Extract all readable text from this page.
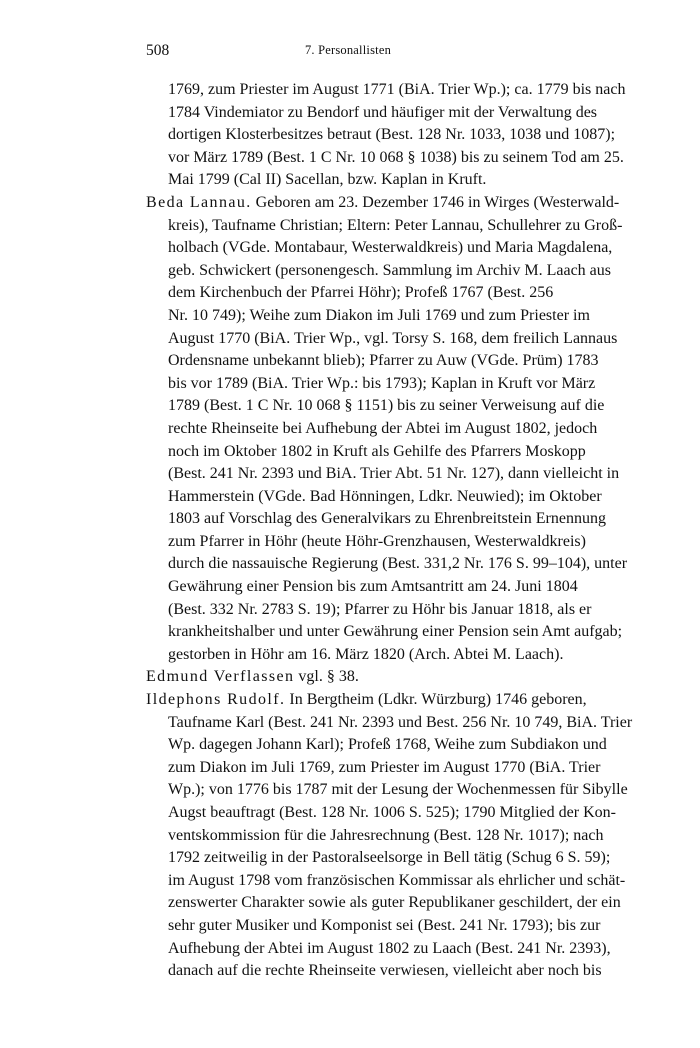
508	7. Personallisten
1769, zum Priester im August 1771 (BiA. Trier Wp.); ca. 1779 bis nach
1784 Vindemiator zu Bendorf und häufiger mit der Verwaltung des
dortigen Klosterbesitzes betraut (Best. 128 Nr. 1033, 1038 und 1087);
vor März 1789 (Best. 1 C Nr. 10 068 § 1038) bis zu seinem Tod am 25.
Mai 1799 (Cal II) Sacellan, bzw. Kaplan in Kruft.
Beda Lannau. Geboren am 23. Dezember 1746 in Wirges (Westerwald-
kreis), Taufname Christian; Eltern: Peter Lannau, Schullehrer zu Groß-
holbach (VGde. Montabaur, Westerwaldkreis) und Maria Magdalena,
geb. Schwickert (personengesch. Sammlung im Archiv M. Laach aus
dem Kirchenbuch der Pfarrei Höhr); Profeß 1767 (Best. 256
Nr. 10 749); Weihe zum Diakon im Juli 1769 und zum Priester im
August 1770 (BiA. Trier Wp., vgl. Torsy S. 168, dem freilich Lannaus
Ordensname unbekannt blieb); Pfarrer zu Auw (VGde. Prüm) 1783
bis vor 1789 (BiA. Trier Wp.: bis 1793); Kaplan in Kruft vor März
1789 (Best. 1 C Nr. 10 068 § 1151) bis zu seiner Verweisung auf die
rechte Rheinseite bei Aufhebung der Abtei im August 1802, jedoch
noch im Oktober 1802 in Kruft als Gehilfe des Pfarrers Moskopp
(Best. 241 Nr. 2393 und BiA. Trier Abt. 51 Nr. 127), dann vielleicht in
Hammerstein (VGde. Bad Hönningen, Ldkr. Neuwied); im Oktober
1803 auf Vorschlag des Generalvikars zu Ehrenbreitstein Ernennung
zum Pfarrer in Höhr (heute Höhr-Grenzhausen, Westerwaldkreis)
durch die nassauische Regierung (Best. 331,2 Nr. 176 S. 99–104), unter
Gewährung einer Pension bis zum Amtsantritt am 24. Juni 1804
(Best. 332 Nr. 2783 S. 19); Pfarrer zu Höhr bis Januar 1818, als er
krankheitshalber und unter Gewährung einer Pension sein Amt aufgab;
gestorben in Höhr am 16. März 1820 (Arch. Abtei M. Laach).
Edmund Verflassen vgl. § 38.
Ildephons Rudolf. In Bergtheim (Ldkr. Würzburg) 1746 geboren,
Taufname Karl (Best. 241 Nr. 2393 und Best. 256 Nr. 10 749, BiA. Trier
Wp. dagegen Johann Karl); Profeß 1768, Weihe zum Subdiakon und
zum Diakon im Juli 1769, zum Priester im August 1770 (BiA. Trier
Wp.); von 1776 bis 1787 mit der Lesung der Wochenmessen für Sibylle
Augst beauftragt (Best. 128 Nr. 1006 S. 525); 1790 Mitglied der Kon-
ventskommission für die Jahresrechnung (Best. 128 Nr. 1017); nach
1792 zeitweilig in der Pastoralseelsorge in Bell tätig (Schug 6 S. 59);
im August 1798 vom französischen Kommissar als ehrlicher und schät-
zenswerter Charakter sowie als guter Republikaner geschildert, der ein
sehr guter Musiker und Komponist sei (Best. 241 Nr. 1793); bis zur
Aufhebung der Abtei im August 1802 zu Laach (Best. 241 Nr. 2393),
danach auf die rechte Rheinseite verwiesen, vielleicht aber noch bis
